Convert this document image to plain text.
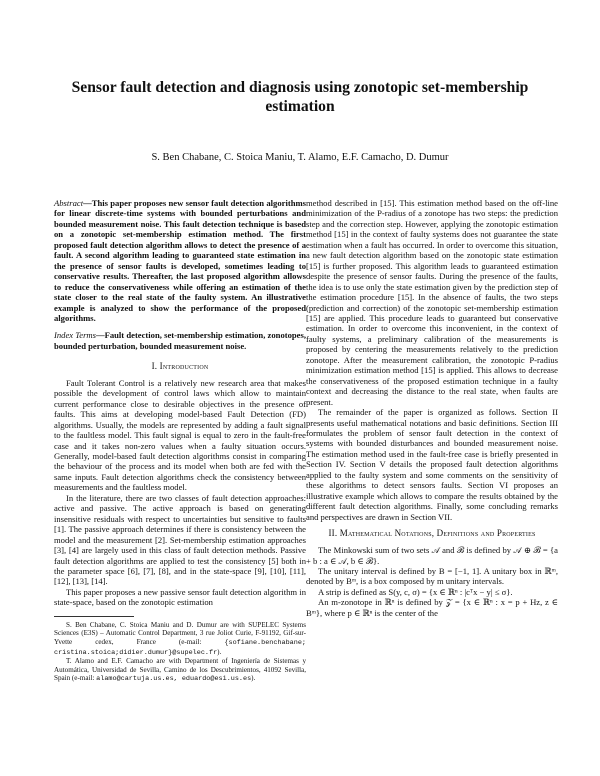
Sensor fault detection and diagnosis using zonotopic set-membership estimation
S. Ben Chabane, C. Stoica Maniu, T. Alamo, E.F. Camacho, D. Dumur

Abstract—This paper proposes new sensor fault detection algorithms for linear discrete-time systems with bounded perturbations and bounded measurement noise. This fault detection technique is based on a zonotopic set-membership estimation method. The first proposed fault detection algorithm allows to detect the presence of a fault. A second algorithm leading to guaranteed state estimation in the presence of sensor faults is developed, sometimes leading to conservative results. Thereafter, the last proposed algorithm allows to reduce the conservativeness while offering an estimation of the state closer to the real state of the faulty system. An illustrative example is analyzed to show the performance of the proposed algorithms.

Index Terms—Fault detection, set-membership estimation, zonotopes, bounded perturbation, bounded measurement noise.

I. Introduction

Fault Tolerant Control is a relatively new research area that makes possible the development of control laws which allow to maintain current performance close to desirable objectives in the presence of faults. This aims at developing model-based Fault Detection (FD) algorithms. Usually, the models are represented by adding a fault signal to the faultless model. This fault signal is equal to zero in the fault-free case and it takes non-zero values when a faulty situation occurs. Generally, model-based fault detection algorithms consist in comparing the behaviour of the process and its model when both are fed with the same inputs. Fault detection algorithms check the consistency between measurements and the faultless model.

In the literature, there are two classes of fault detection approaches: active and passive. The active approach is based on generating insensitive residuals with respect to uncertainties but sensitive to faults [1]. The passive approach determines if there is consistency between the model and the measurement [2]. Set-membership estimation approaches [3], [4] are largely used in this class of fault detection methods. Passive fault detection algorithms are applied to test the consistency [5] both in the parameter space [6], [7], [8], and in the state-space [9], [10], [11], [12], [13], [14].

This paper proposes a new passive sensor fault detection algorithm in state-space, based on the zonotopic estimation

S. Ben Chabane, C. Stoica Maniu and D. Dumur are with SUPELEC Systems Sciences (E3S) – Automatic Control Department, 3 rue Joliot Curie, F-91192, Gif-sur-Yvette cedex, France (e-mail:	{sofiane.benchabane; cristina.stoica;didier.dumur}@supelec.fr).

T. Alamo and E.F. Camacho are with Department of Ingeniería de Sistemas y Automática, Universidad de Sevilla, Camino de los Descubrimientos, 41092 Sevilla, Spain (e-mail: alamo@cartuja.us.es, eduardo@esi.us.es).

method described in [15]. This estimation method based on the off-line minimization of the P-radius of a zonotope has two steps: the prediction step and the correction step. However, applying the zonotopic estimation method [15] in the context of faulty systems does not guarantee the state estimation when a fault has occurred. In order to overcome this situation, a new fault detection algorithm based on the zonotopic state estimation [15] is further proposed. This algorithm leads to guaranteed estimation despite the presence of sensor faults. During the presence of the faults, the idea is to use only the state estimation given by the prediction step of the estimation procedure [15]. In the absence of faults, the two steps (prediction and correction) of the zonotopic set-membership estimation [15] are applied. This procedure leads to guaranteed but conservative estimation. In order to overcome this inconvenient, in the context of faulty systems, a preliminary calibration of the measurements is proposed by centering the measurements relatively to the prediction zonotope. After the measurement calibration, the zonotopic P-radius minimization estimation method [15] is applied. This allows to decrease the conservativeness of the proposed estimation technique in a faulty context and decreasing the distance to the real state, when faults are present.

The remainder of the paper is organized as follows. Section II presents useful mathematical notations and basic definitions. Section III formulates the problem of sensor fault detection in the context of systems with bounded disturbances and bounded measurement noise. The estimation method used in the fault-free case is briefly presented in Section IV. Section V details the proposed fault detection algorithms applied to the faulty system and some comments on the sensitivity of these algorithms to detect sensors faults. Section VI proposes an illustrative example which allows to compare the results obtained by the different fault detection algorithms. Finally, some concluding remarks and perspectives are drawn in Section VII.

II. Mathematical Notations, Definitions and Properties

The Minkowski sum of two sets 𝒜 and ℬ is defined by 𝒜 ⊕ ℬ = {a + b : a ∈ 𝒜, b ∈ ℬ}.

The unitary interval is defined by B = [−1, 1]. A unitary box in ℝᵐ, denoted by Bᵐ, is a box composed by m unitary intervals.

A strip is defined as S(y, c, σ) = {x ∈ ℝⁿ : |cᵀx − y| ≤ σ}.

An m-zonotope in ℝⁿ is defined by 𝒵 = {x ∈ ℝⁿ : x = p + Hz, z ∈ Bᵐ}, where p ∈ ℝⁿ is the center of the
